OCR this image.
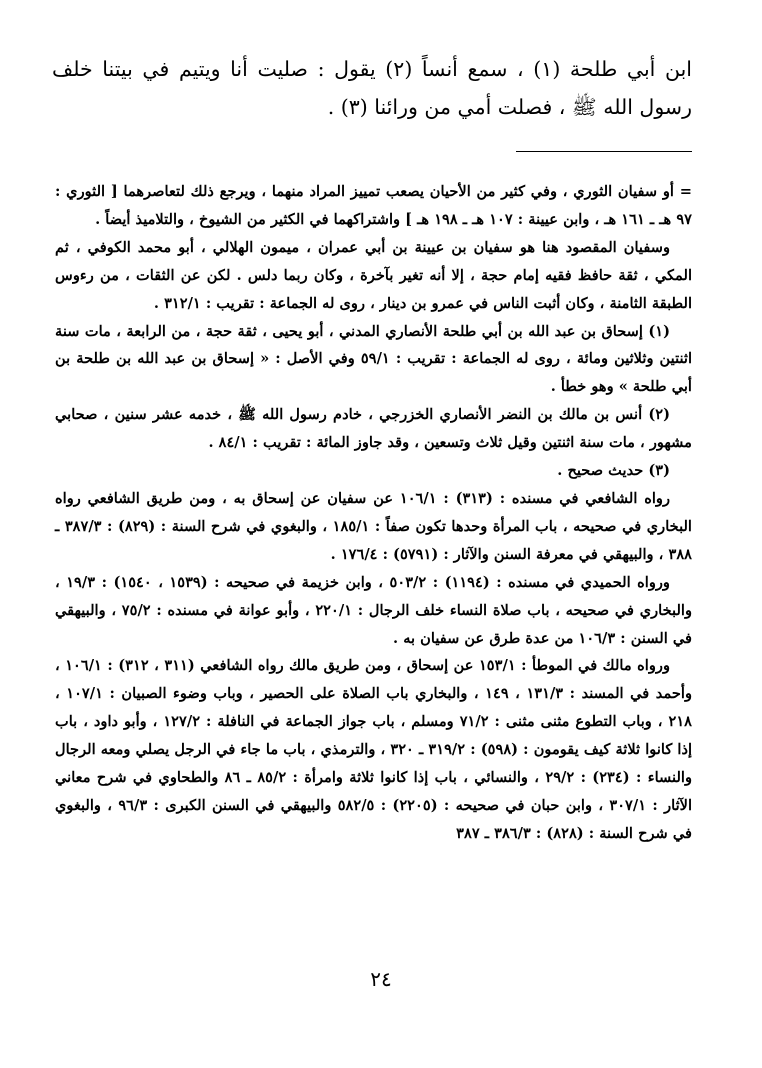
ابن أبي طلحة (١) ، سمع أنساً (٢) يقول : صليت أنا ويتيم في بيتنا خلف رسول الله ﷺ ، فصلت أمي من ورائنا (٣) .

= أو سفيان الثوري ، وفي كثير من الأحيان يصعب تمييز المراد منهما ، ويرجع ذلك لتعاصرهما [ الثوري : ٩٧ هـ ـ ١٦١ هـ ، وابن عيينة : ١٠٧ هـ ـ ١٩٨ هـ ] واشتراكهما في الكثير من الشيوخ ، والتلاميذ أيضاً .

وسفيان المقصود هنا هو سفيان بن عيينة بن أبي عمران ، ميمون الهلالي ، أبو محمد الكوفي ، ثم المكي ، ثقة حافظ فقيه إمام حجة ، إلا أنه تغير بآخرة ، وكان ربما دلس . لكن عن الثقات ، من رءوس الطبقة الثامنة ، وكان أثبت الناس في عمرو بن دينار ، روى له الجماعة : تقريب : ٣١٢/١ .

(١) إسحاق بن عبد الله بن أبي طلحة الأنصاري المدني ، أبو يحيى ، ثقة حجة ، من الرابعة ، مات سنة اثنتين وثلاثين ومائة ، روى له الجماعة : تقريب : ٥٩/١ وفي الأصل : « إسحاق بن عبد الله بن طلحة بن أبي طلحة » وهو خطأ .

(٢) أنس بن مالك بن النضر الأنصاري الخزرجي ، خادم رسول الله ﷺ ، خدمه عشر سنين ، صحابي مشهور ، مات سنة اثنتين وقيل ثلاث وتسعين ، وقد جاوز المائة : تقريب : ٨٤/١ .

(٣) حديث صحيح .

رواه الشافعي في مسنده : (٣١٣) : ١٠٦/١ عن سفيان عن إسحاق به ، ومن طريق الشافعي رواه البخاري في صحيحه ، باب المرأة وحدها تكون صفاً : ١٨٥/١ ، والبغوي في شرح السنة : (٨٢٩) : ٣٨٧/٣ ـ ٣٨٨ ، والبيهقي في معرفة السنن والآثار : (٥٧٩١) : ١٧٦/٤ .

ورواه الحميدي في مسنده : (١١٩٤) : ٥٠٣/٢ ، وابن خزيمة في صحيحه : (١٥٣٩ ، ١٥٤٠) : ١٩/٣ ، والبخاري في صحيحه ، باب صلاة النساء خلف الرجال : ٢٢٠/١ ، وأبو عوانة في مسنده : ٧٥/٢ ، والبيهقي في السنن : ١٠٦/٣ من عدة طرق عن سفيان به .

ورواه مالك في الموطأ : ١٥٣/١ عن إسحاق ، ومن طريق مالك رواه الشافعي (٣١١ ، ٣١٢) : ١٠٦/١ ، وأحمد في المسند : ١٣١/٣ ، ١٤٩ ، والبخاري باب الصلاة على الحصير ، وباب وضوء الصبيان : ١٠٧/١ ، ٢١٨ ، وباب التطوع مثنى مثنى : ٧١/٢ ومسلم ، باب جواز الجماعة في النافلة : ١٢٧/٢ ، وأبو داود ، باب إذا كانوا ثلاثة كيف يقومون : (٥٩٨) : ٣١٩/٢ ـ ٣٢٠ ، والترمذي ، باب ما جاء في الرجل يصلي ومعه الرجال والنساء : (٢٣٤) : ٢٩/٢ ، والنسائي ، باب إذا كانوا ثلاثة وامرأة : ٨٥/٢ ـ ٨٦ والطحاوي في شرح معاني الآثار : ٣٠٧/١ ، وابن حبان في صحيحه : (٢٢٠٥) : ٥٨٢/٥ والبيهقي في السنن الكبرى : ٩٦/٣ ، والبغوي في شرح السنة : (٨٢٨) : ٣٨٦/٣ ـ ٣٨٧

٢٤
